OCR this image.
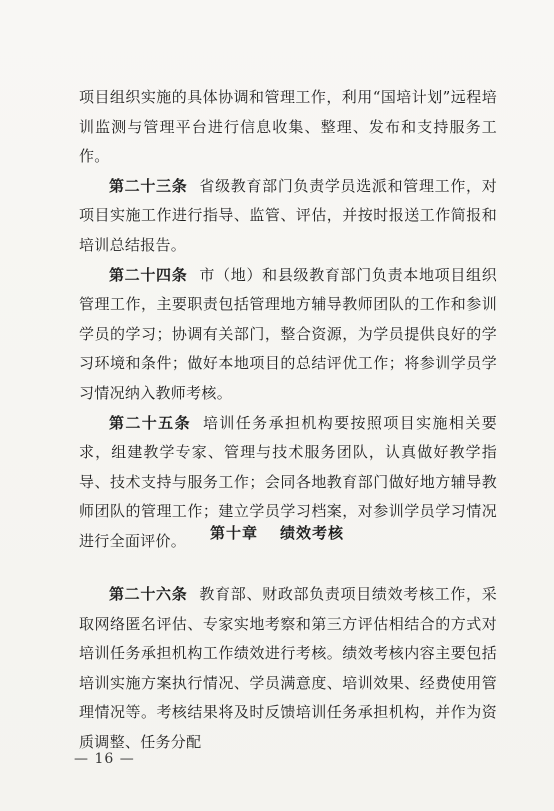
项目组织实施的具体协调和管理工作，利用“国培计划”远程培训监测与管理平台进行信息收集、整理、发布和支持服务工作。

第二十三条 省级教育部门负责学员选派和管理工作，对项目实施工作进行指导、监管、评估，并按时报送工作简报和培训总结报告。

第二十四条 市（地）和县级教育部门负责本地项目组织管理工作，主要职责包括管理地方辅导教师团队的工作和参训学员的学习；协调有关部门，整合资源，为学员提供良好的学习环境和条件；做好本地项目的总结评优工作；将参训学员学习情况纳入教师考核。

第二十五条 培训任务承担机构要按照项目实施相关要求，组建教学专家、管理与技术服务团队，认真做好教学指导、技术支持与服务工作；会同各地教育部门做好地方辅导教师团队的管理工作；建立学员学习档案，对参训学员学习情况进行全面评价。	第十章 绩效考核

第二十六条 教育部、财政部负责项目绩效考核工作，采取网络匿名评估、专家实地考察和第三方评估相结合的方式对培训任务承担机构工作绩效进行考核。绩效考核内容主要包括培训实施方案执行情况、学员满意度、培训效果、经费使用管理情况等。考核结果将及时反馈培训任务承担机构，并作为资质调整、任务分配

— 16 —
